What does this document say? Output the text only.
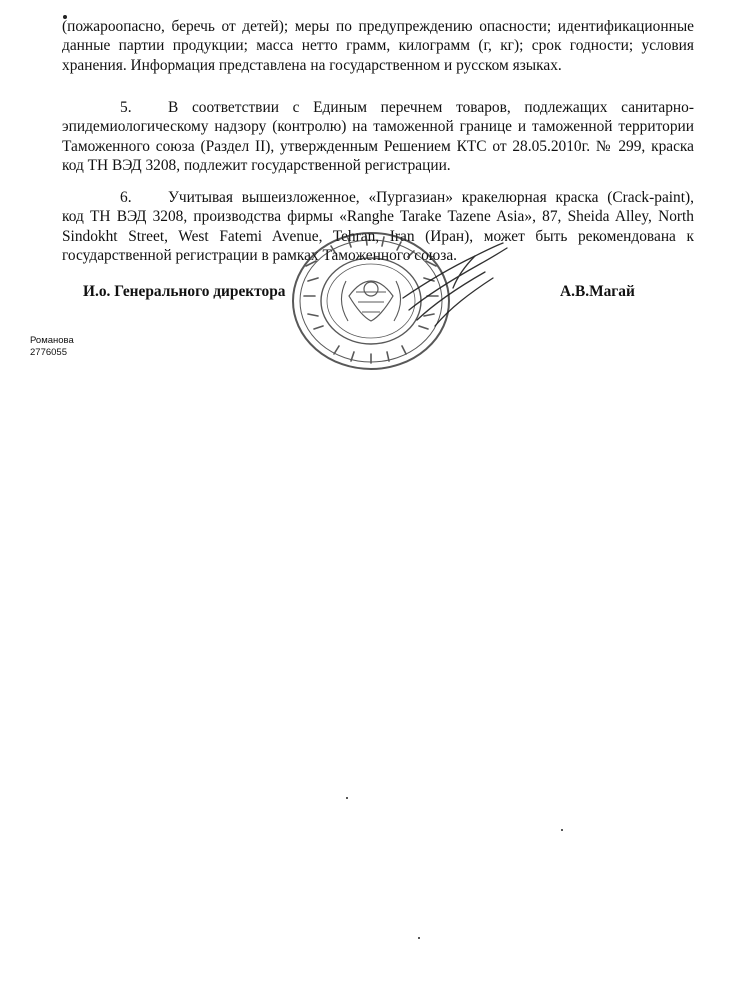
(пожароопасно, беречь от детей); меры по предупреждению опасности; идентификационные данные партии продукции; масса нетто грамм, килограмм (г, кг); срок годности; условия хранения. Информация представлена на государственном и русском языках.

5. В соответствии с Единым перечнем товаров, подлежащих санитарно-эпидемиологическому надзору (контролю) на таможенной границе и таможенной территории Таможенного союза (Раздел II), утвержденным Решением КТС от 28.05.2010г. № 299, краска код ТН ВЭД 3208, подлежит государственной регистрации.

6. Учитывая вышеизложенное, «Пургазиан» кракелюрная краска (Crack-paint), код ТН ВЭД 3208, производства фирмы «Ranghe Tarake Tazene Asia», 87, Sheida Alley, North Sindokht Street, West Fatemi Avenue, Tehran, Iran (Иран), может быть рекомендована к государственной регистрации в рамках Таможенного союза.

И.о. Генерального директора	А.В.Магай
Романова
2776055
